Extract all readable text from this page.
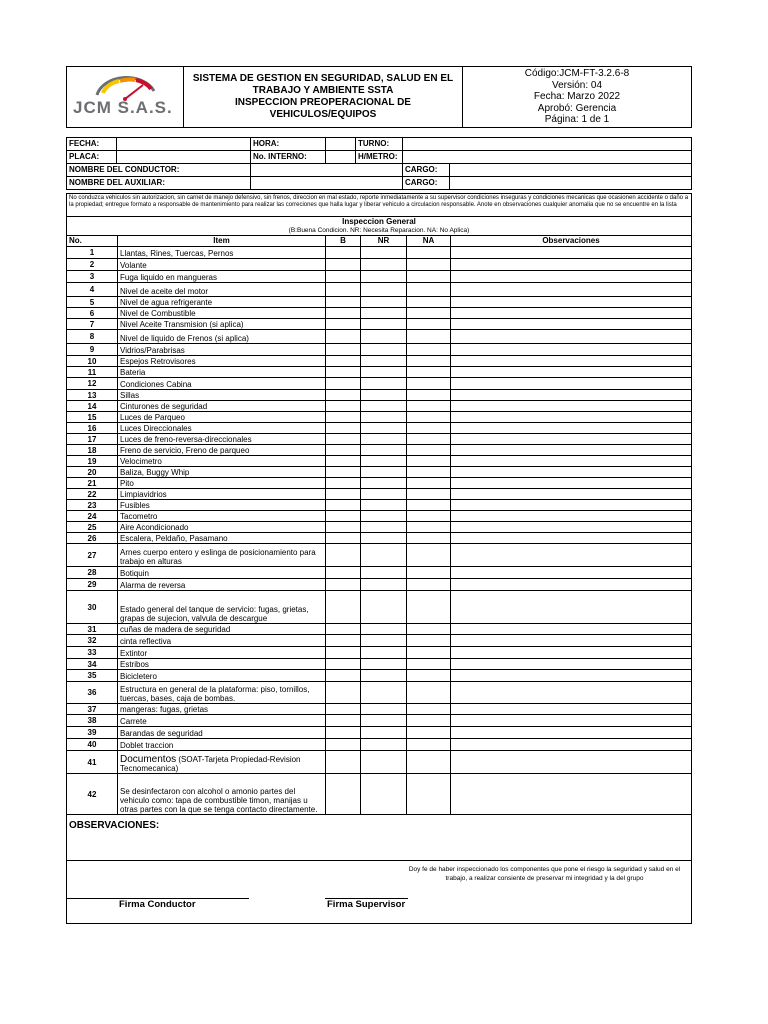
JCM S.A.S.

SISTEMA DE GESTION EN SEGURIDAD, SALUD EN EL
TRABAJO Y AMBIENTE SSTA
INSPECCION PREOPERACIONAL DE
VEHICULOS/EQUIPOS

Código:JCM-FT-3.2.6-8
Versión: 04
Fecha: Marzo 2022
Aprobó: Gerencia
Página: 1 de 1
FECHA:		HORA:		TURNO:		
PLACA:		No. INTERNO:		H/METRO:		
NOMBRE DEL CONDUCTOR:					CARGO:	
NOMBRE DEL AUXILIAR:					CARGO:	
No conduzca vehiculos sin autorizacion, sin carnet de manejo defensivo, sin frenos, direccion en mal estado, reporte inmediatamente a su supervisor condiciones inseguras y condiciones mecanicas que ocasionen accidente o daño a la propiedad; entregue formato a responsable de mantenimiento para realizar las correciones que halla lugar y liberar vehiculo a circulacion responsable. Anote en observaciones cualquier anomalia que no se encuentre en la lista
Inspeccion General					
(B:Buena Condicion. NR: Necesita Reparacion. NA: No Aplica)					
No.	Item	B	NR	NA	Observaciones
1	Llantas, Rines, Tuercas, Pernos				
2	Volante				
3	Fuga liquido en mangueras				
4	Nivel de aceite del motor				
5	Nivel de agua refrigerante				
6	Nivel de Combustible				
7	Nivel Aceite Transmision (si aplica)				
8	Nivel de liquido de Frenos (si aplica)				
9	Vidrios/Parabrisas				
10	Espejos Retrovisores				
11	Bateria				
12	Condiciones Cabina				
13	Sillas				
14	Cinturones de seguridad				
15	Luces de Parqueo				
16	Luces Direccionales				
17	Luces de freno-reversa-direccionales				
18	Freno de servicio, Freno de parqueo				
19	Velocimetro				
20	Baliza, Buggy Whip				
21	Pito				
22	Limpiavidrios				
23	Fusibles				
24	Tacometro				
25	Aire Acondicionado				
26	Escalera, Peldaño, Pasamano				
27	Arnes cuerpo entero y eslinga de posicionamiento para trabajo en alturas				
28	Botiquin				
29	Alarma de reversa				
30	Estado general del tanque de servicio: fugas, grietas, grapas de sujecion, valvula de descargue				
31	cuñas de madera de seguridad				
32	cinta reflectiva				
33	Extintor				
34	Estribos				
35	Bicicletero				
36	Estructura en general de la plataforma: piso, tornillos, tuercas, bases, caja de bombas.				
37	mangeras: fugas, grietas				
38	Carrete				
39	Barandas de seguridad				
40	Doblet traccion				
41	Documentos (SOAT-Tarjeta Propiedad-Revision Tecnomecanica)				
42	Se desinfectaron con alcohol o amonio partes del vehiculo como: tapa de combustible timon, manijas u otras partes con la que se tenga contacto directamente.				
OBSERVACIONES:
Doy fe de haber inspeccionado los componentes que pone el riesgo la seguridad y salud en el trabajo, a realizar consiente de preservar mi integridad y la del grupo
Firma Conductor	Firma Supervisor
